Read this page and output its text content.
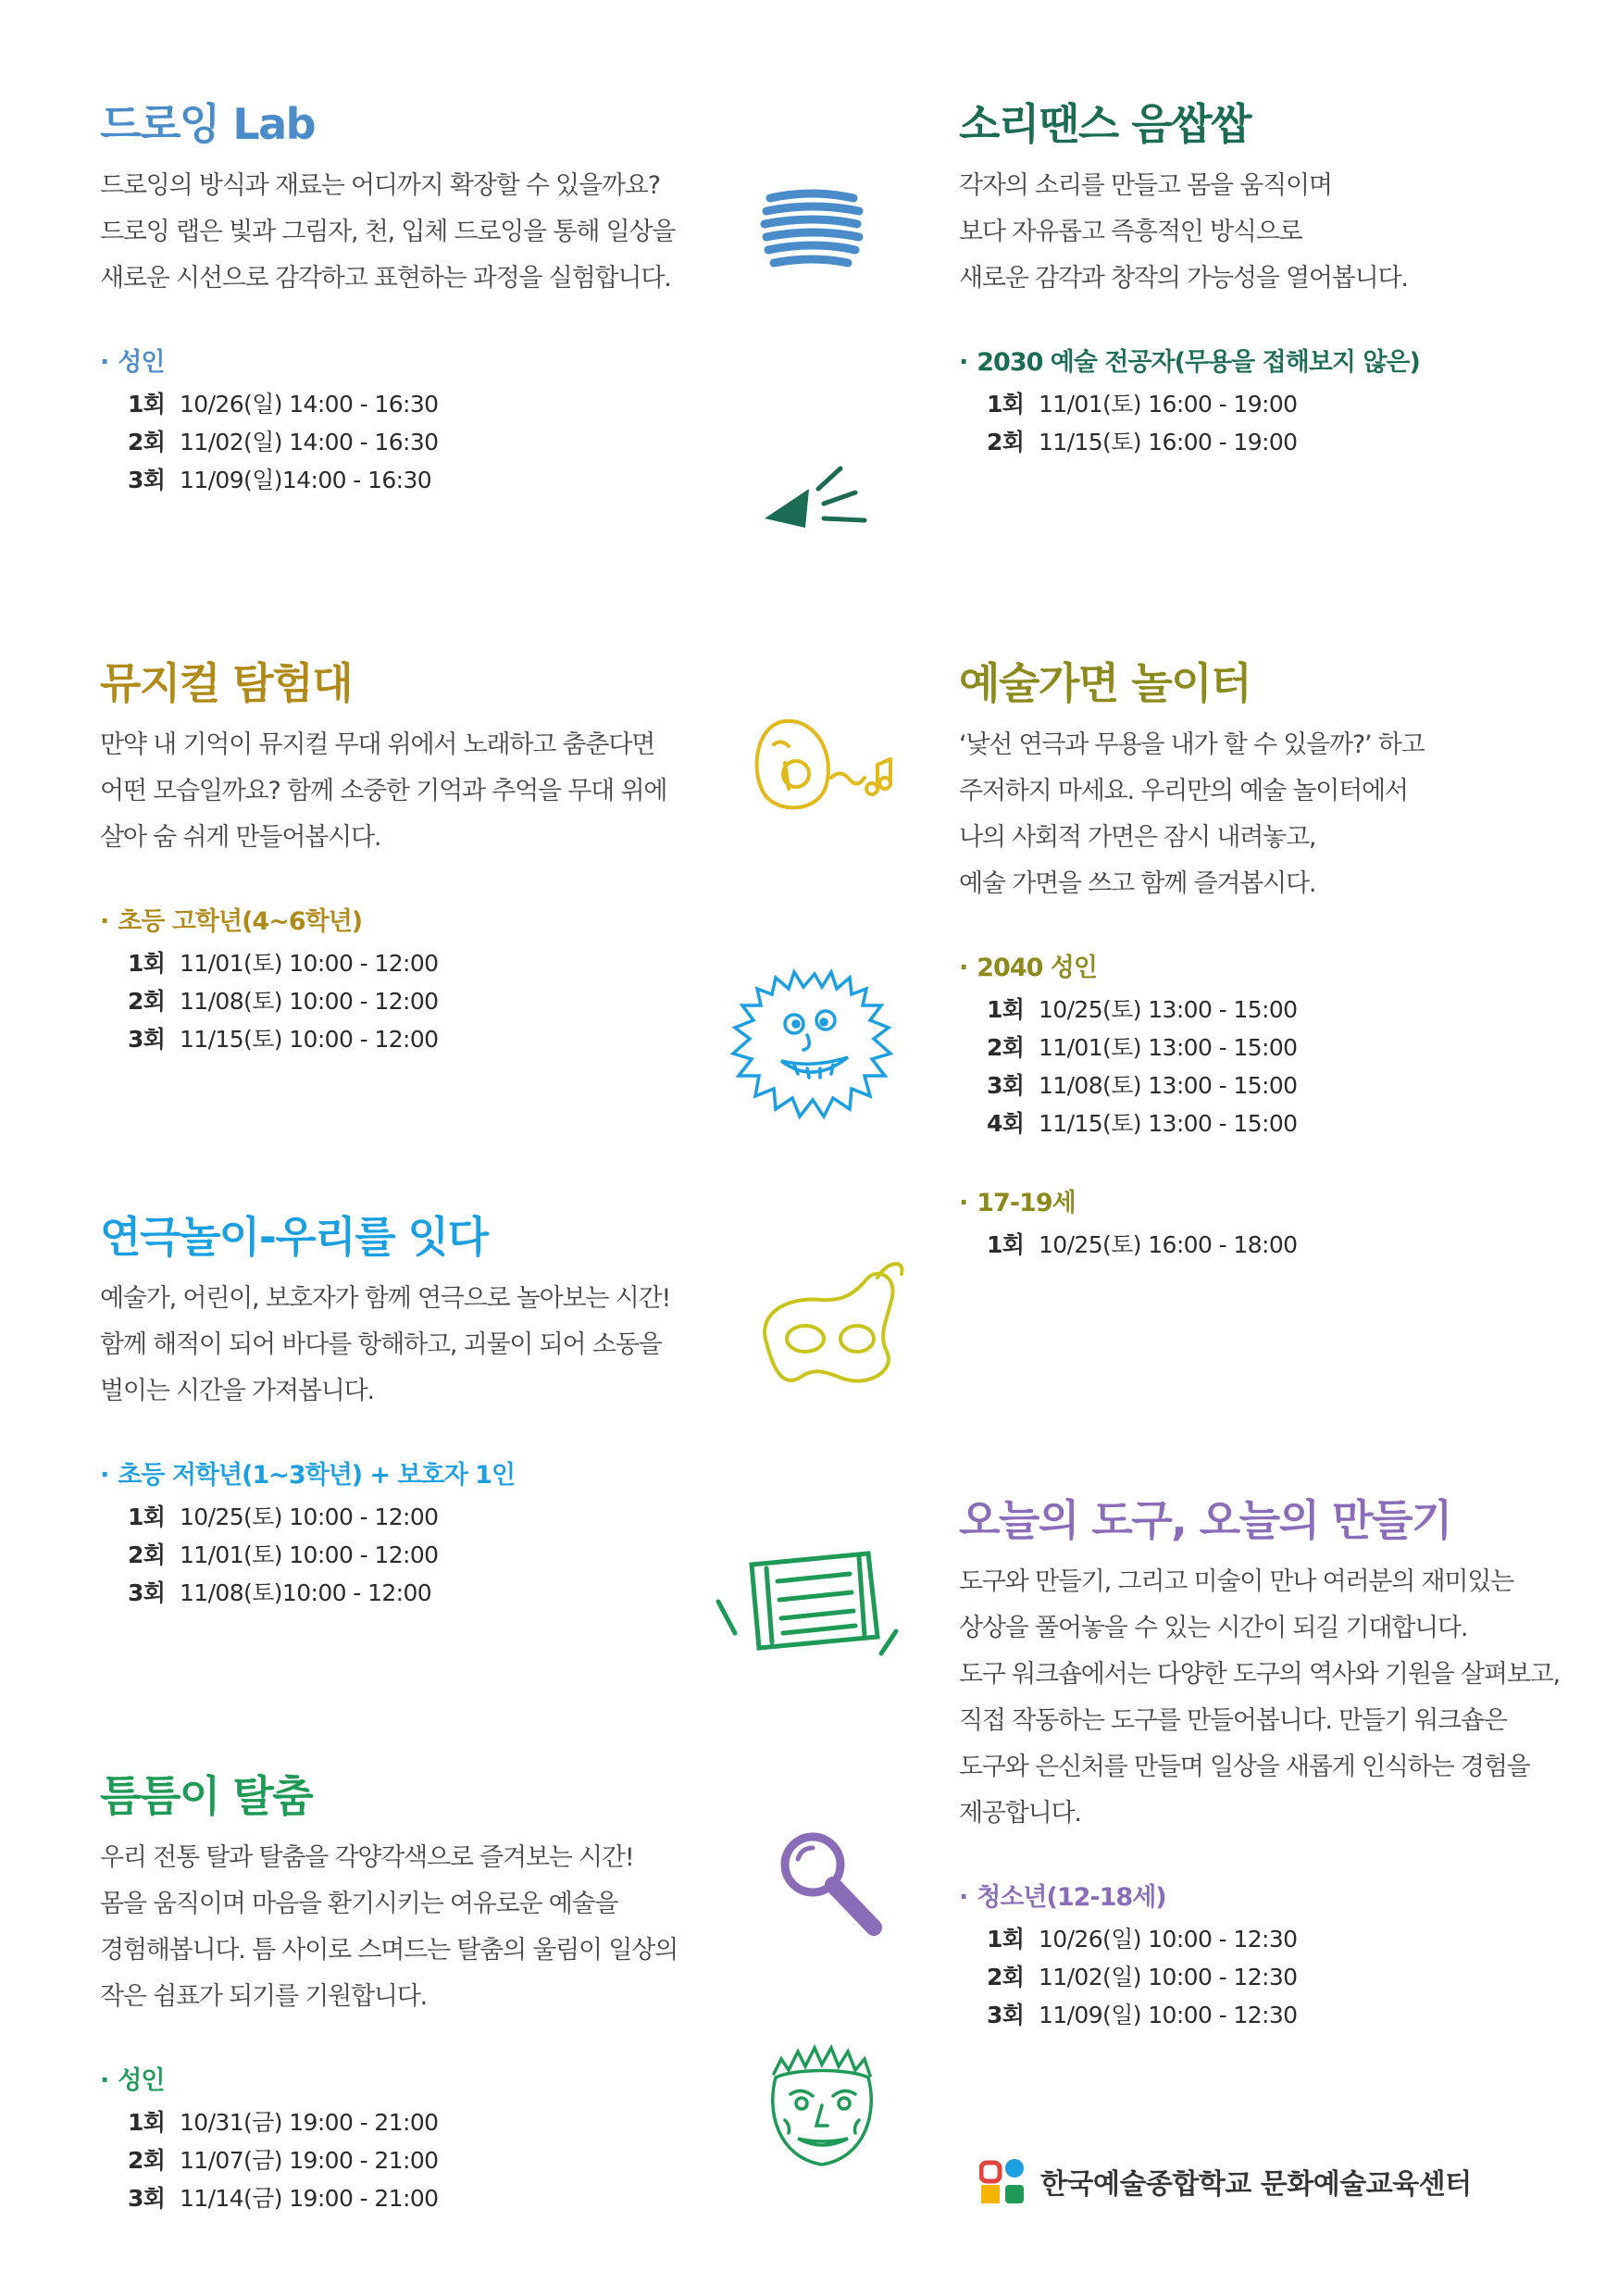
드로잉 Lab

드로잉의 방식과 재료는 어디까지 확장할 수 있을까요?

드로잉 랩은 빛과 그림자, 천, 입체 드로잉을 통해 일상을

새로운 시선으로 감각하고 표현하는 과정을 실험합니다.

· 성인
1회 10/26(일) 14:00 - 16:30
2회 11/02(일) 14:00 - 16:30
3회 11/09(일)14:00 - 16:30
소리땐스 음쌉쌉

각자의 소리를 만들고 몸을 움직이며

보다 자유롭고 즉흥적인 방식으로

새로운 감각과 창작의 가능성을 열어봅니다.

· 2030 예술 전공자(무용을 접해보지 않은)
1회 11/01(토) 16:00 - 19:00
2회 11/15(토) 16:00 - 19:00
뮤지컬 탐험대

만약 내 기억이 뮤지컬 무대 위에서 노래하고 춤춘다면

어떤 모습일까요? 함께 소중한 기억과 추억을 무대 위에

살아 숨 쉬게 만들어봅시다.

· 초등 고학년(4~6학년)
1회 11/01(토) 10:00 - 12:00
2회 11/08(토) 10:00 - 12:00
3회 11/15(토) 10:00 - 12:00
예술가면 놀이터

‘낯선 연극과 무용을 내가 할 수 있을까?’ 하고

주저하지 마세요. 우리만의 예술 놀이터에서

나의 사회적 가면은 잠시 내려놓고,

예술 가면을 쓰고 함께 즐겨봅시다.

· 2040 성인
1회 10/25(토) 13:00 - 15:00
2회 11/01(토) 13:00 - 15:00
3회 11/08(토) 13:00 - 15:00
4회 11/15(토) 13:00 - 15:00
· 17-19세
1회 10/25(토) 16:00 - 18:00
연극놀이-우리를 잇다

예술가, 어린이, 보호자가 함께 연극으로 놀아보는 시간!

함께 해적이 되어 바다를 항해하고, 괴물이 되어 소동을

벌이는 시간을 가져봅니다.

· 초등 저학년(1~3학년) + 보호자 1인
1회 10/25(토) 10:00 - 12:00
2회 11/01(토) 10:00 - 12:00
3회 11/08(토)10:00 - 12:00
오늘의 도구, 오늘의 만들기

도구와 만들기, 그리고 미술이 만나 여러분의 재미있는

상상을 풀어놓을 수 있는 시간이 되길 기대합니다.

도구 워크숍에서는 다양한 도구의 역사와 기원을 살펴보고,

직접 작동하는 도구를 만들어봅니다. 만들기 워크숍은

도구와 은신처를 만들며 일상을 새롭게 인식하는 경험을

제공합니다.

· 청소년(12-18세)
1회 10/26(일) 10:00 - 12:30
2회 11/02(일) 10:00 - 12:30
3회 11/09(일) 10:00 - 12:30
틈틈이 탈춤

우리 전통 탈과 탈춤을 각양각색으로 즐겨보는 시간!

몸을 움직이며 마음을 환기시키는 여유로운 예술을

경험해봅니다. 틈 사이로 스며드는 탈춤의 울림이 일상의

작은 쉼표가 되기를 기원합니다.

· 성인
1회 10/31(금) 19:00 - 21:00
2회 11/07(금) 19:00 - 21:00
3회 11/14(금) 19:00 - 21:00	한국예술종합학교 문화예술교육센터
